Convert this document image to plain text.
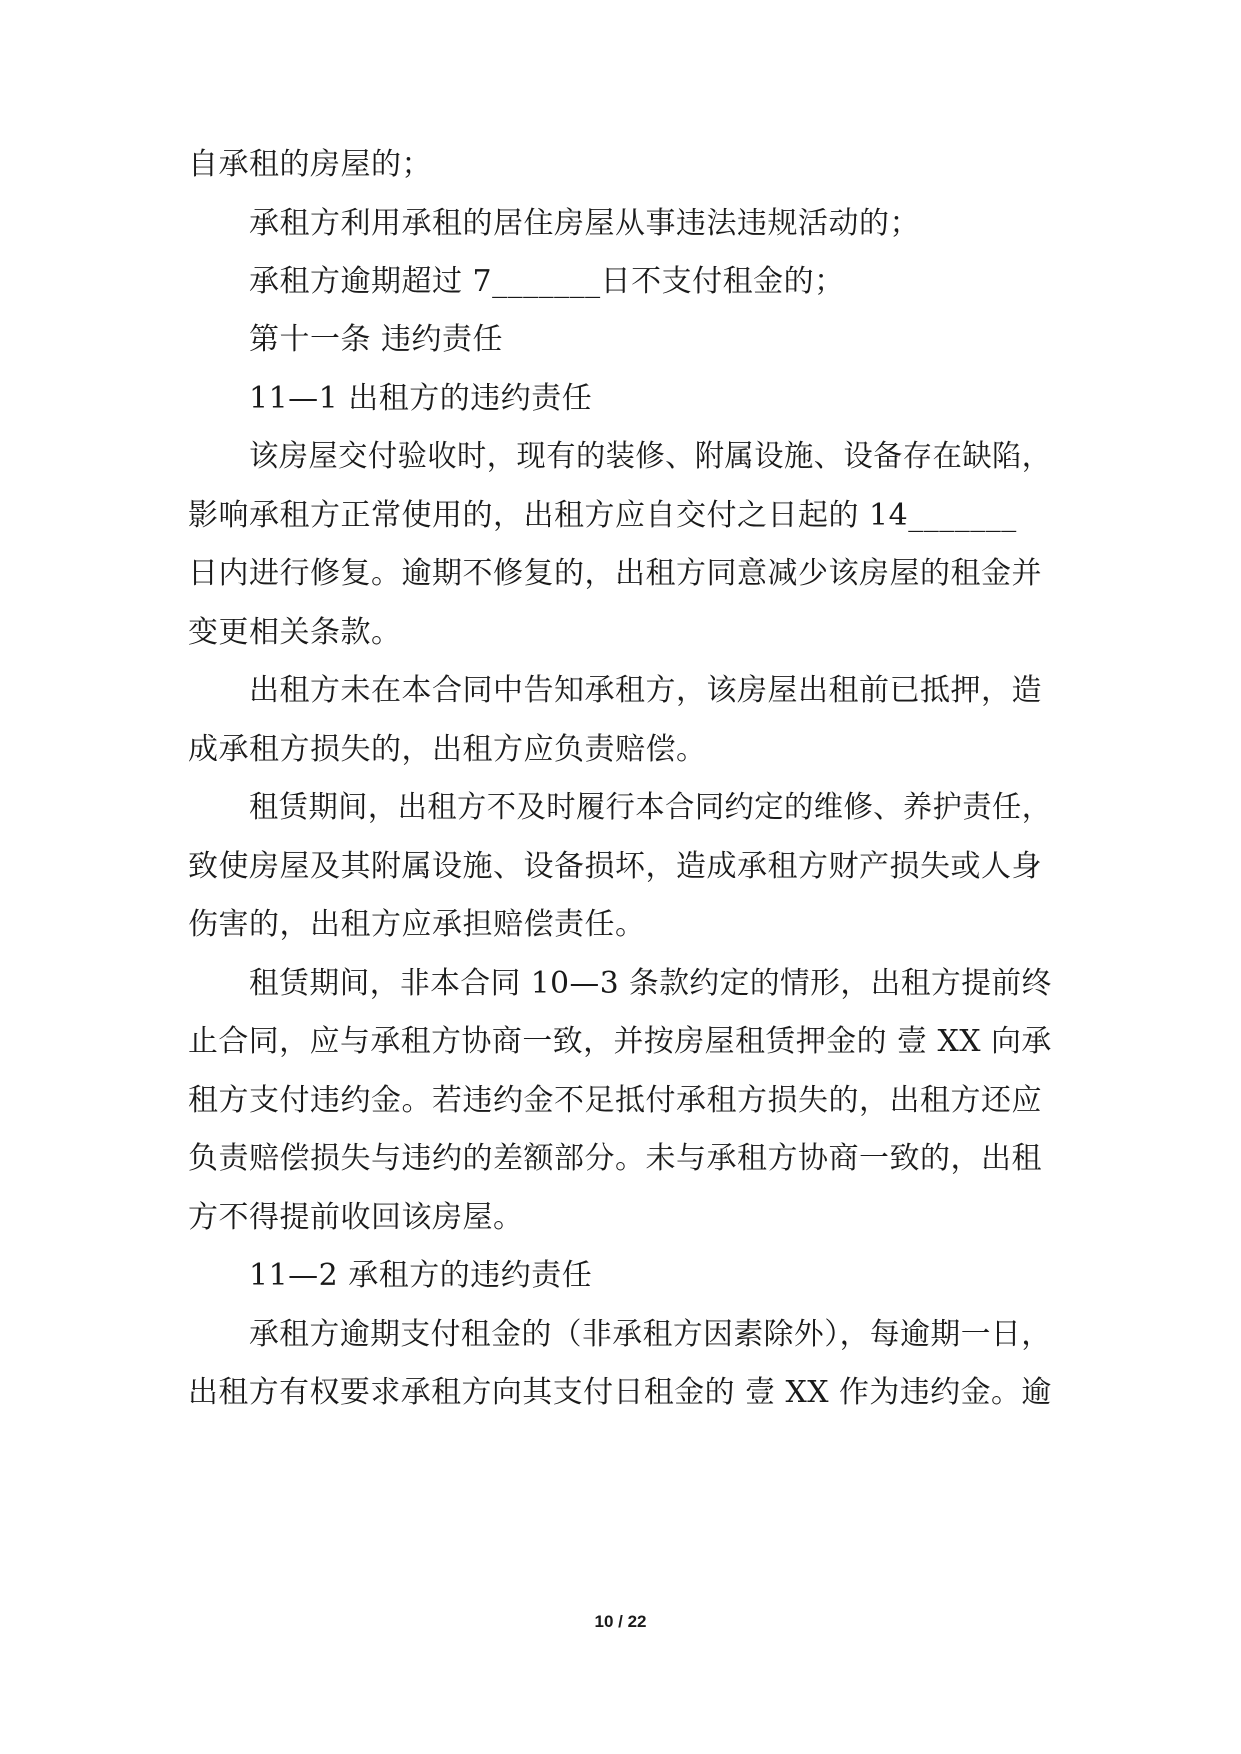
自承租的房屋的；

承租方利用承租的居住房屋从事违法违规活动的；

承租方逾期超过 7_______日不支付租金的；

第十一条 违约责任

11—1 出租方的违约责任

该房屋交付验收时，现有的装修、附属设施、设备存在缺陷，

影响承租方正常使用的，出租方应自交付之日起的 14_______

日内进行修复。逾期不修复的，出租方同意减少该房屋的租金并

变更相关条款。

出租方未在本合同中告知承租方，该房屋出租前已抵押，造

成承租方损失的，出租方应负责赔偿。

租赁期间，出租方不及时履行本合同约定的维修、养护责任，

致使房屋及其附属设施、设备损坏，造成承租方财产损失或人身

伤害的，出租方应承担赔偿责任。

租赁期间，非本合同 10—3 条款约定的情形，出租方提前终

止合同，应与承租方协商一致，并按房屋租赁押金的 壹 XX 向承

租方支付违约金。若违约金不足抵付承租方损失的，出租方还应

负责赔偿损失与违约的差额部分。未与承租方协商一致的，出租

方不得提前收回该房屋。

11—2 承租方的违约责任

承租方逾期支付租金的（非承租方因素除外），每逾期一日，

出租方有权要求承租方向其支付日租金的 壹 XX 作为违约金。逾

10 / 22
